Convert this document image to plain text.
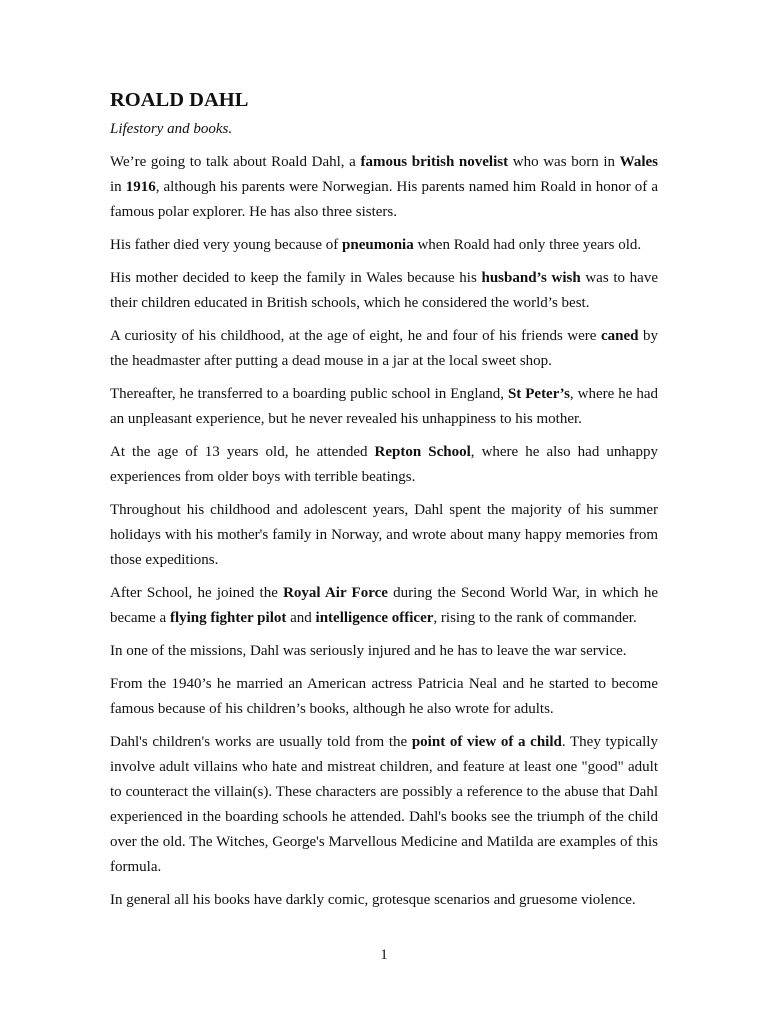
ROALD DAHL

Lifestory and books.

We’re going to talk about Roald Dahl, a famous british novelist who was born in Wales in 1916, although his parents were Norwegian. His parents named him Roald in honor of a famous polar explorer. He has also three sisters.

His father died very young because of pneumonia when Roald had only three years old.

His mother decided to keep the family in Wales because his husband’s wish was to have their children educated in British schools, which he considered the world’s best.

A curiosity of his childhood, at the age of eight, he and four of his friends were caned by the headmaster after putting a dead mouse in a jar at the local sweet shop.

Thereafter, he transferred to a boarding public school in England, St Peter’s, where he had an unpleasant experience, but he never revealed his unhappiness to his mother.

At the age of 13 years old, he attended Repton School, where he also had unhappy experiences from older boys with terrible beatings.

Throughout his childhood and adolescent years, Dahl spent the majority of his summer holidays with his mother's family in Norway, and wrote about many happy memories from those expeditions.

After School, he joined the Royal Air Force during the Second World War, in which he became a flying fighter pilot and intelligence officer, rising to the rank of commander.

In one of the missions, Dahl was seriously injured and he has to leave the war service.

From the 1940’s he married an American actress Patricia Neal and he started to become famous because of his children’s books, although he also wrote for adults.

Dahl's children's works are usually told from the point of view of a child. They typically involve adult villains who hate and mistreat children, and feature at least one "good" adult to counteract the villain(s). These characters are possibly a reference to the abuse that Dahl experienced in the boarding schools he attended. Dahl's books see the triumph of the child over the old. The Witches, George's Marvellous Medicine and Matilda are examples of this formula.

In general all his books have darkly comic, grotesque scenarios and gruesome violence.

1
